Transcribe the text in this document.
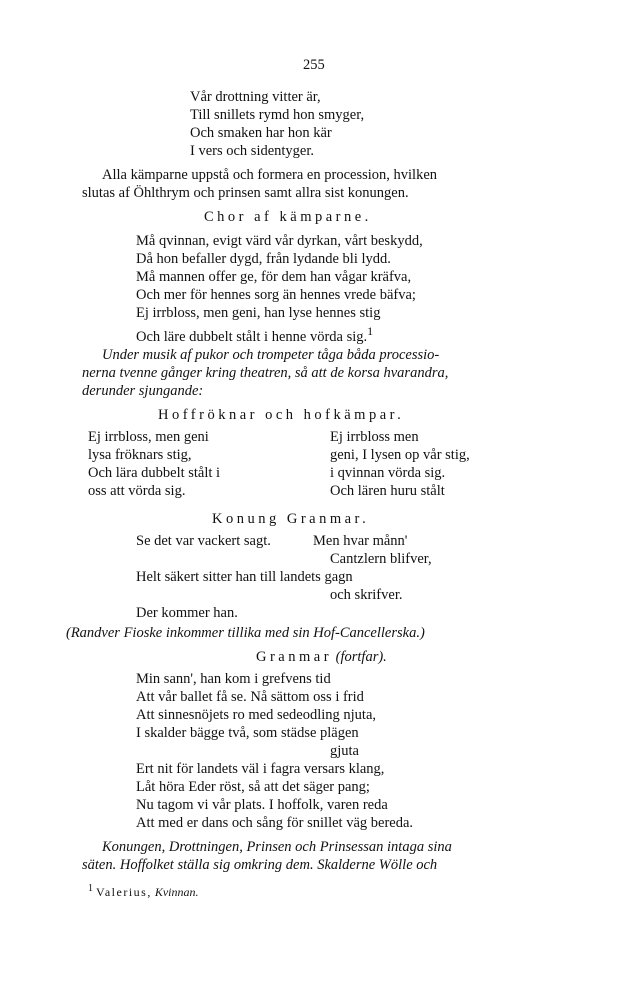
255
Vår drottning vitter är,
Till snillets rymd hon smyger,
Och smaken har hon kär
I vers och sidentyger.
Alla kämparne uppstå och formera en procession, hvilken
slutas af Öhlthrym och prinsen samt allra sist konungen.
Chor af kämparne.
Må qvinnan, evigt värd vår dyrkan, vårt beskydd,
Då hon befaller dygd, från lydande bli lydd.
Må mannen offer ge, för dem han vågar kräfva,
Och mer för hennes sorg än hennes vrede bäfva;
Ej irrbloss, men geni, han lyse hennes stig
Och läre dubbelt stålt i henne vörda sig.$^1$
Under musik af pukor och trompeter tåga båda processio-
nerna tvenne gånger kring theatren, så att de korsa hvarandra,
derunder sjungande:
Hoffröknar och hofkämpar.
Ej irrbloss, men geni
lysa fröknars stig,
Och lära dubbelt stålt i
oss att vörda sig.
Ej irrbloss men
geni, I lysen op vår stig,
i qvinnan vörda sig.
Och lären huru stålt
Konung Granmar.
Se det var vackert sagt.	Men hvar månn'
Cantzlern blifver,
Helt säkert sitter han till landets gagn
och skrifver.
Der kommer han.
(Randver Fioske inkommer tillika med sin Hof-Cancellerska.)
Granmar (fortfar).
Min sann', han kom i grefvens tid
Att vår ballet få se. Nå sättom oss i frid
Att sinnesnöjets ro med sedeodling njuta,
I skalder bägge två, som städse plägen
gjuta
Ert nit för landets väl i fagra versars klang,
Låt höra Eder röst, så att det säger pang;
Nu tagom vi vår plats. I hoffolk, varen reda
Att med er dans och sång för snillet väg bereda.
Konungen, Drottningen, Prinsen och Prinsessan intaga sina
säten. Hoffolket ställa sig omkring dem. Skalderne Wölle och
$^1$ Valerius, Kvinnan.
